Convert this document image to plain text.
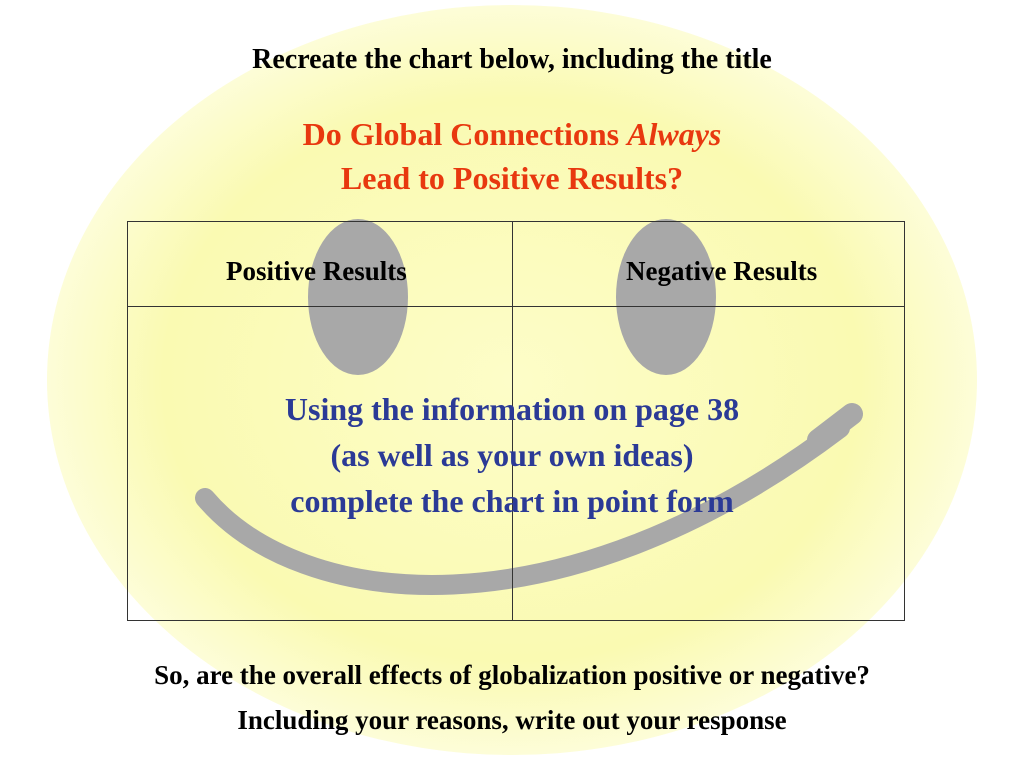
Recreate the chart below, including the title
Do Global Connections Always
Lead to Positive Results?
Positive Results	Negative Results
Using the information on page 38
(as well as your own ideas)
complete the chart in point form
So, are the overall effects of globalization positive or negative?
Including your reasons, write out your response
